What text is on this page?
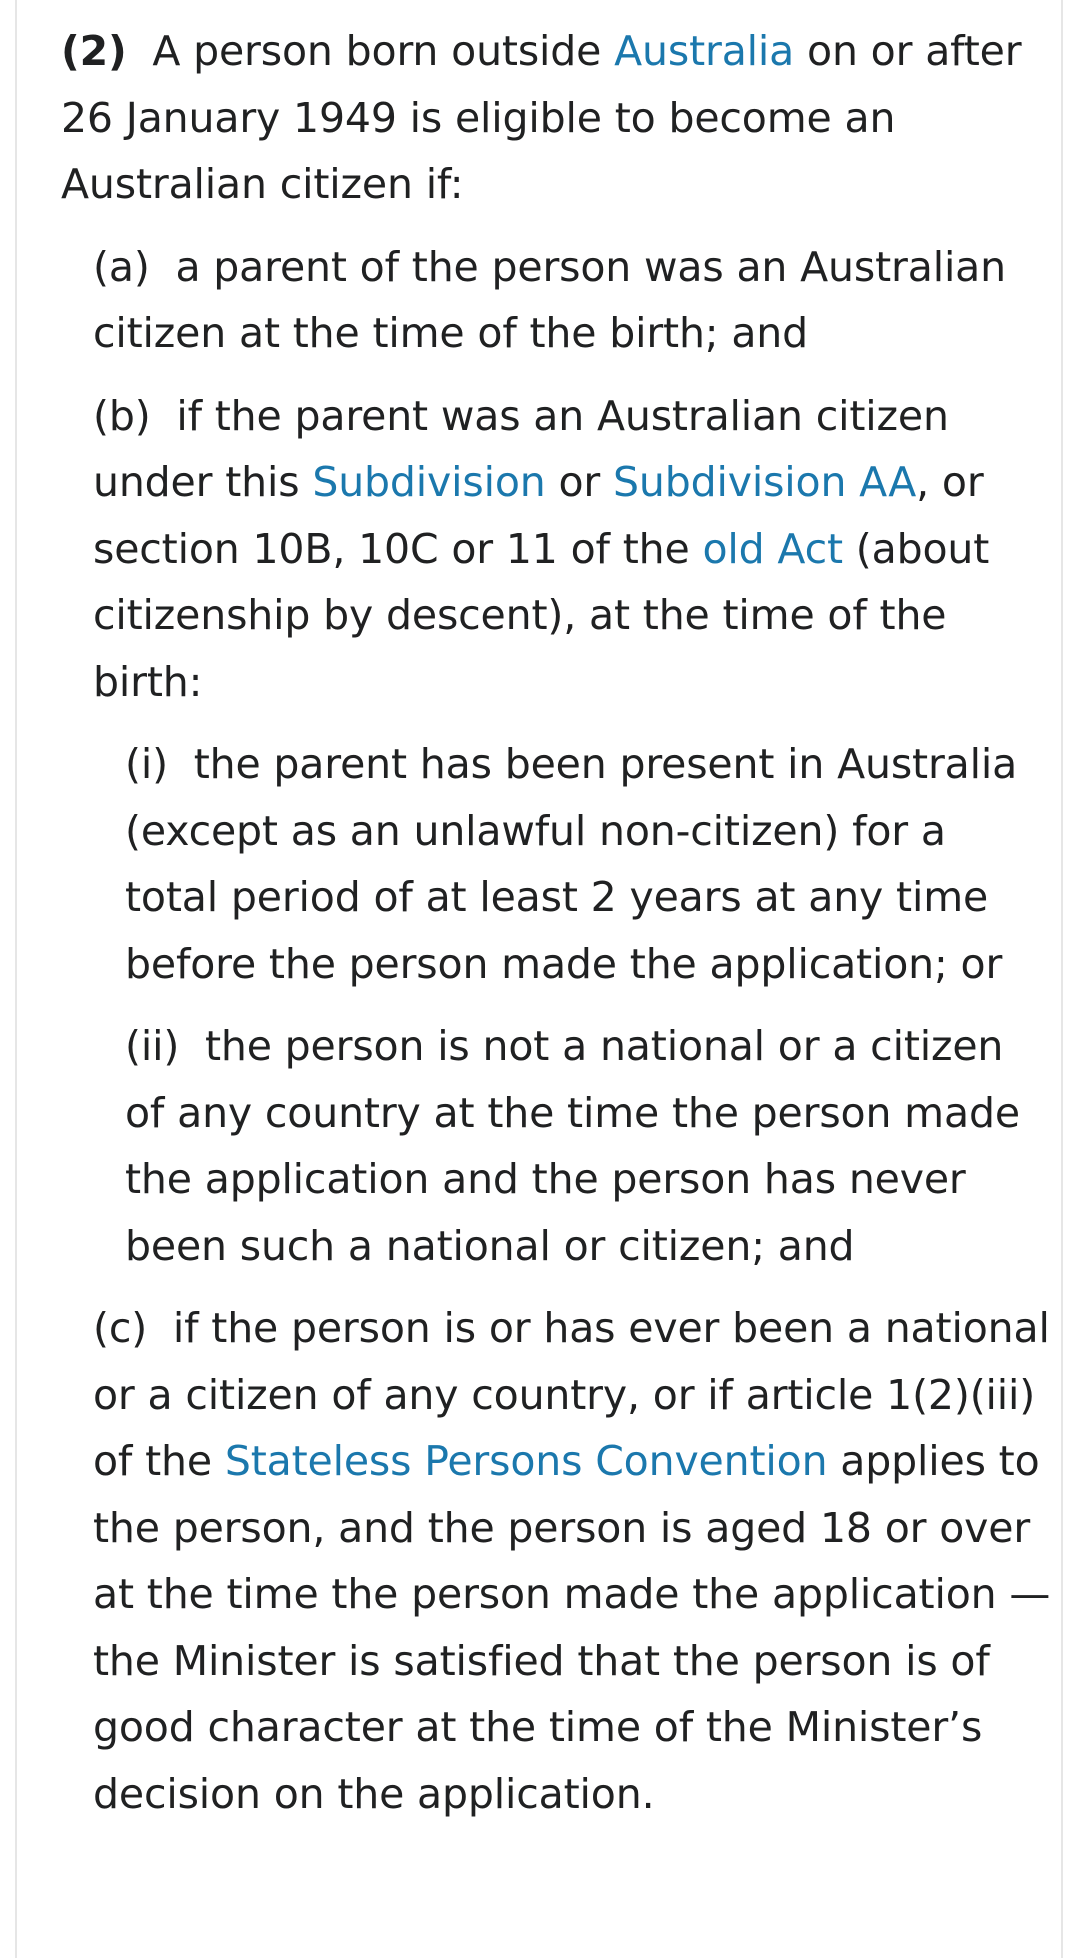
(2) A person born outside Australia on or after 26 January 1949 is eligible to become an Australian citizen if:

(a) a parent of the person was an Australian citizen at the time of the birth; and

(b) if the parent was an Australian citizen under this Subdivision or Subdivision AA, or section 10B, 10C or 11 of the old Act (about citizenship by descent), at the time of the birth:

(i) the parent has been present in Australia (except as an unlawful non-citizen) for a total period of at least 2 years at any time before the person made the application; or

(ii) the person is not a national or a citizen of any country at the time the person made the application and the person has never been such a national or citizen; and

(c) if the person is or has ever been a national or a citizen of any country, or if article 1(2)(iii) of the Stateless Persons Convention applies to the person, and the person is aged 18 or over at the time the person made the application — the Minister is satisfied that the person is of good character at the time of the Minister’s decision on the application.
